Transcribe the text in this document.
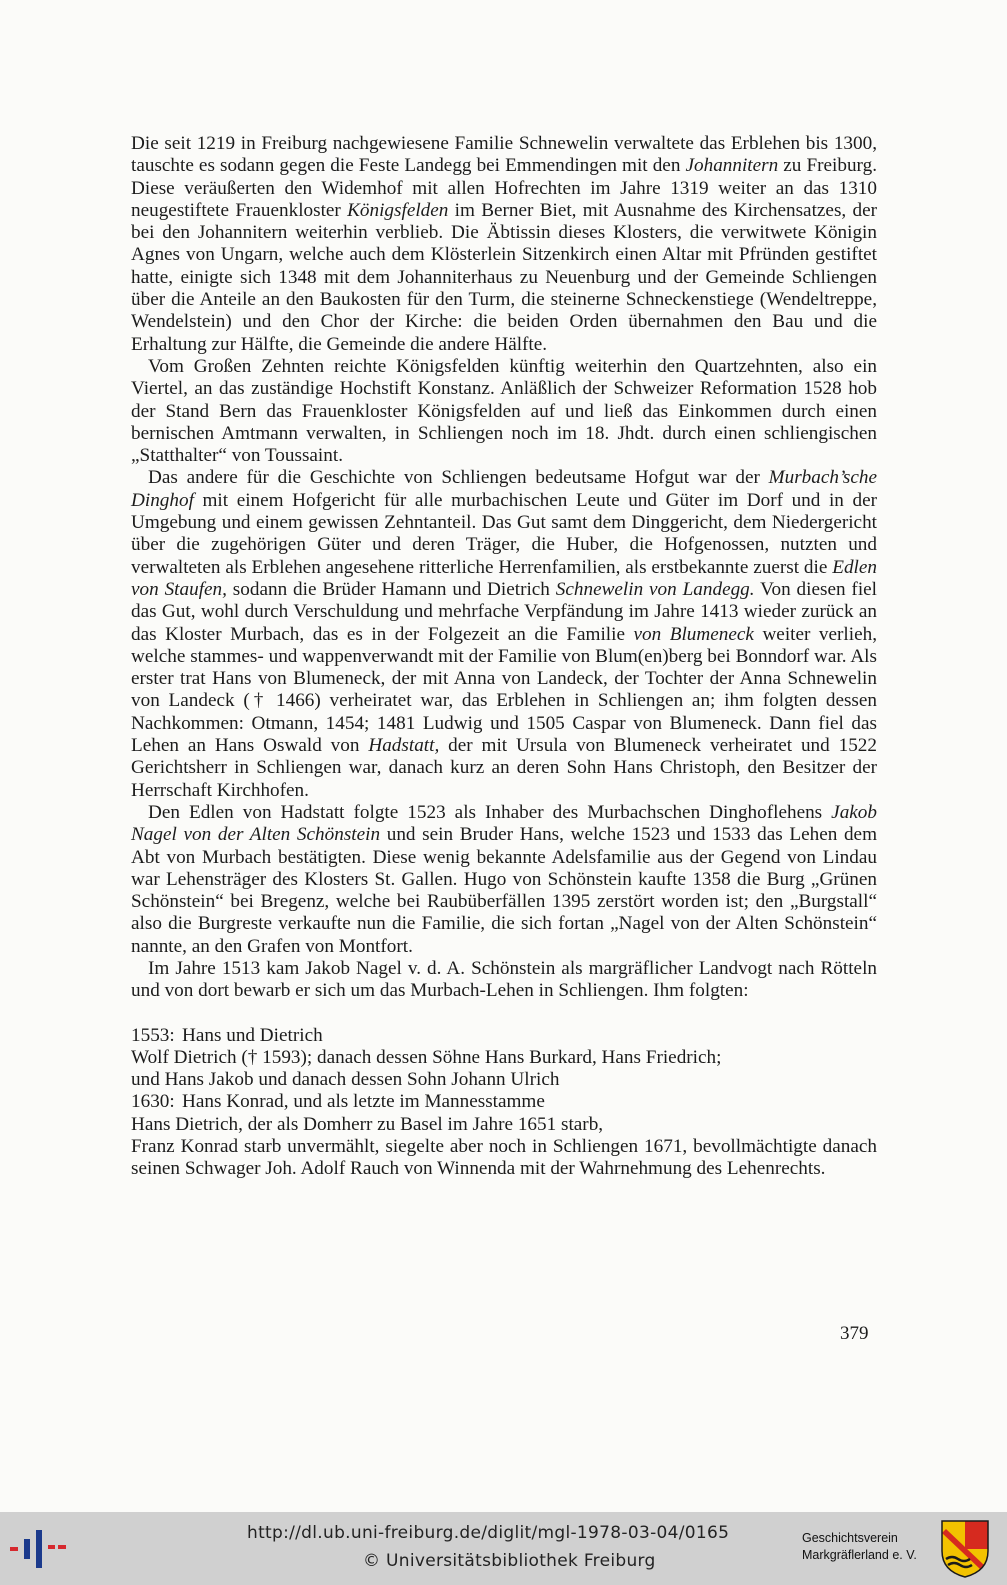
Die seit 1219 in Freiburg nachgewiesene Familie Schnewelin verwaltete das Erblehen bis 1300, tauschte es sodann gegen die Feste Landegg bei Emmendingen mit den Johannitern zu Freiburg. Diese veräußerten den Widemhof mit allen Hofrechten im Jahre 1319 weiter an das 1310 neugestiftete Frauenkloster Königsfelden im Berner Biet, mit Ausnahme des Kirchensatzes, der bei den Johannitern weiterhin verblieb. Die Äbtissin dieses Klosters, die verwitwete Königin Agnes von Ungarn, welche auch dem Klösterlein Sitzenkirch einen Altar mit Pfründen gestiftet hatte, einigte sich 1348 mit dem Johanniterhaus zu Neuenburg und der Gemeinde Schliengen über die Anteile an den Baukosten für den Turm, die steinerne Schneckenstiege (Wendeltreppe, Wendelstein) und den Chor der Kirche: die beiden Orden übernahmen den Bau und die Erhaltung zur Hälfte, die Gemeinde die andere Hälfte.

Vom Großen Zehnten reichte Königsfelden künftig weiterhin den Quartzehnten, also ein Viertel, an das zuständige Hochstift Konstanz. Anläßlich der Schweizer Reformation 1528 hob der Stand Bern das Frauenkloster Königsfelden auf und ließ das Einkommen durch einen bernischen Amtmann verwalten, in Schliengen noch im 18. Jhdt. durch einen schliengischen „Statthalter“ von Toussaint.

Das andere für die Geschichte von Schliengen bedeutsame Hofgut war der Murbach’sche Dinghof mit einem Hofgericht für alle murbachischen Leute und Güter im Dorf und in der Umgebung und einem gewissen Zehntanteil. Das Gut samt dem Dinggericht, dem Niedergericht über die zugehörigen Güter und deren Träger, die Huber, die Hofgenossen, nutzten und verwalteten als Erblehen angesehene ritterliche Herrenfamilien, als erstbekannte zuerst die Edlen von Staufen, sodann die Brüder Hamann und Dietrich Schnewelin von Landegg. Von diesen fiel das Gut, wohl durch Verschuldung und mehrfache Verpfändung im Jahre 1413 wieder zurück an das Kloster Murbach, das es in der Folgezeit an die Familie von Blumeneck weiter verlieh, welche stammes- und wappenverwandt mit der Familie von Blum(en)berg bei Bonndorf war. Als erster trat Hans von Blumeneck, der mit Anna von Landeck, der Tochter der Anna Schnewelin von Landeck († 1466) verheiratet war, das Erblehen in Schliengen an; ihm folgten dessen Nachkommen: Otmann, 1454; 1481 Ludwig und 1505 Caspar von Blumeneck. Dann fiel das Lehen an Hans Oswald von Hadstatt, der mit Ursula von Blumeneck verheiratet und 1522 Gerichtsherr in Schliengen war, danach kurz an deren Sohn Hans Christoph, den Besitzer der Herrschaft Kirchhofen.

Den Edlen von Hadstatt folgte 1523 als Inhaber des Murbachschen Dinghoflehens Jakob Nagel von der Alten Schönstein und sein Bruder Hans, welche 1523 und 1533 das Lehen dem Abt von Murbach bestätigten. Diese wenig bekannte Adelsfamilie aus der Gegend von Lindau war Lehensträger des Klosters St. Gallen. Hugo von Schönstein kaufte 1358 die Burg „Grünen Schönstein“ bei Bregenz, welche bei Raubüberfällen 1395 zerstört worden ist; den „Burgstall“ also die Burgreste verkaufte nun die Familie, die sich fortan „Nagel von der Alten Schönstein“ nannte, an den Grafen von Montfort.

Im Jahre 1513 kam Jakob Nagel v. d. A. Schönstein als margräflicher Landvogt nach Rötteln und von dort bewarb er sich um das Murbach-Lehen in Schliengen. Ihm folgten:

1553: Hans und Dietrich
Wolf Dietrich († 1593); danach dessen Söhne Hans Burkard, Hans Friedrich;
und Hans Jakob und danach dessen Sohn Johann Ulrich
1630: Hans Konrad, und als letzte im Mannesstamme
Hans Dietrich, der als Domherr zu Basel im Jahre 1651 starb,
Franz Konrad starb unvermählt, siegelte aber noch in Schliengen 1671, bevollmächtigte danach seinen Schwager Joh. Adolf Rauch von Winnenda mit der Wahrnehmung des Lehenrechts.
379
http://dl.ub.uni-freiburg.de/diglit/mgl-1978-03-04/0165
© Universitätsbibliothek Freiburg
Geschichtsverein
Markgräflerland e. V.
